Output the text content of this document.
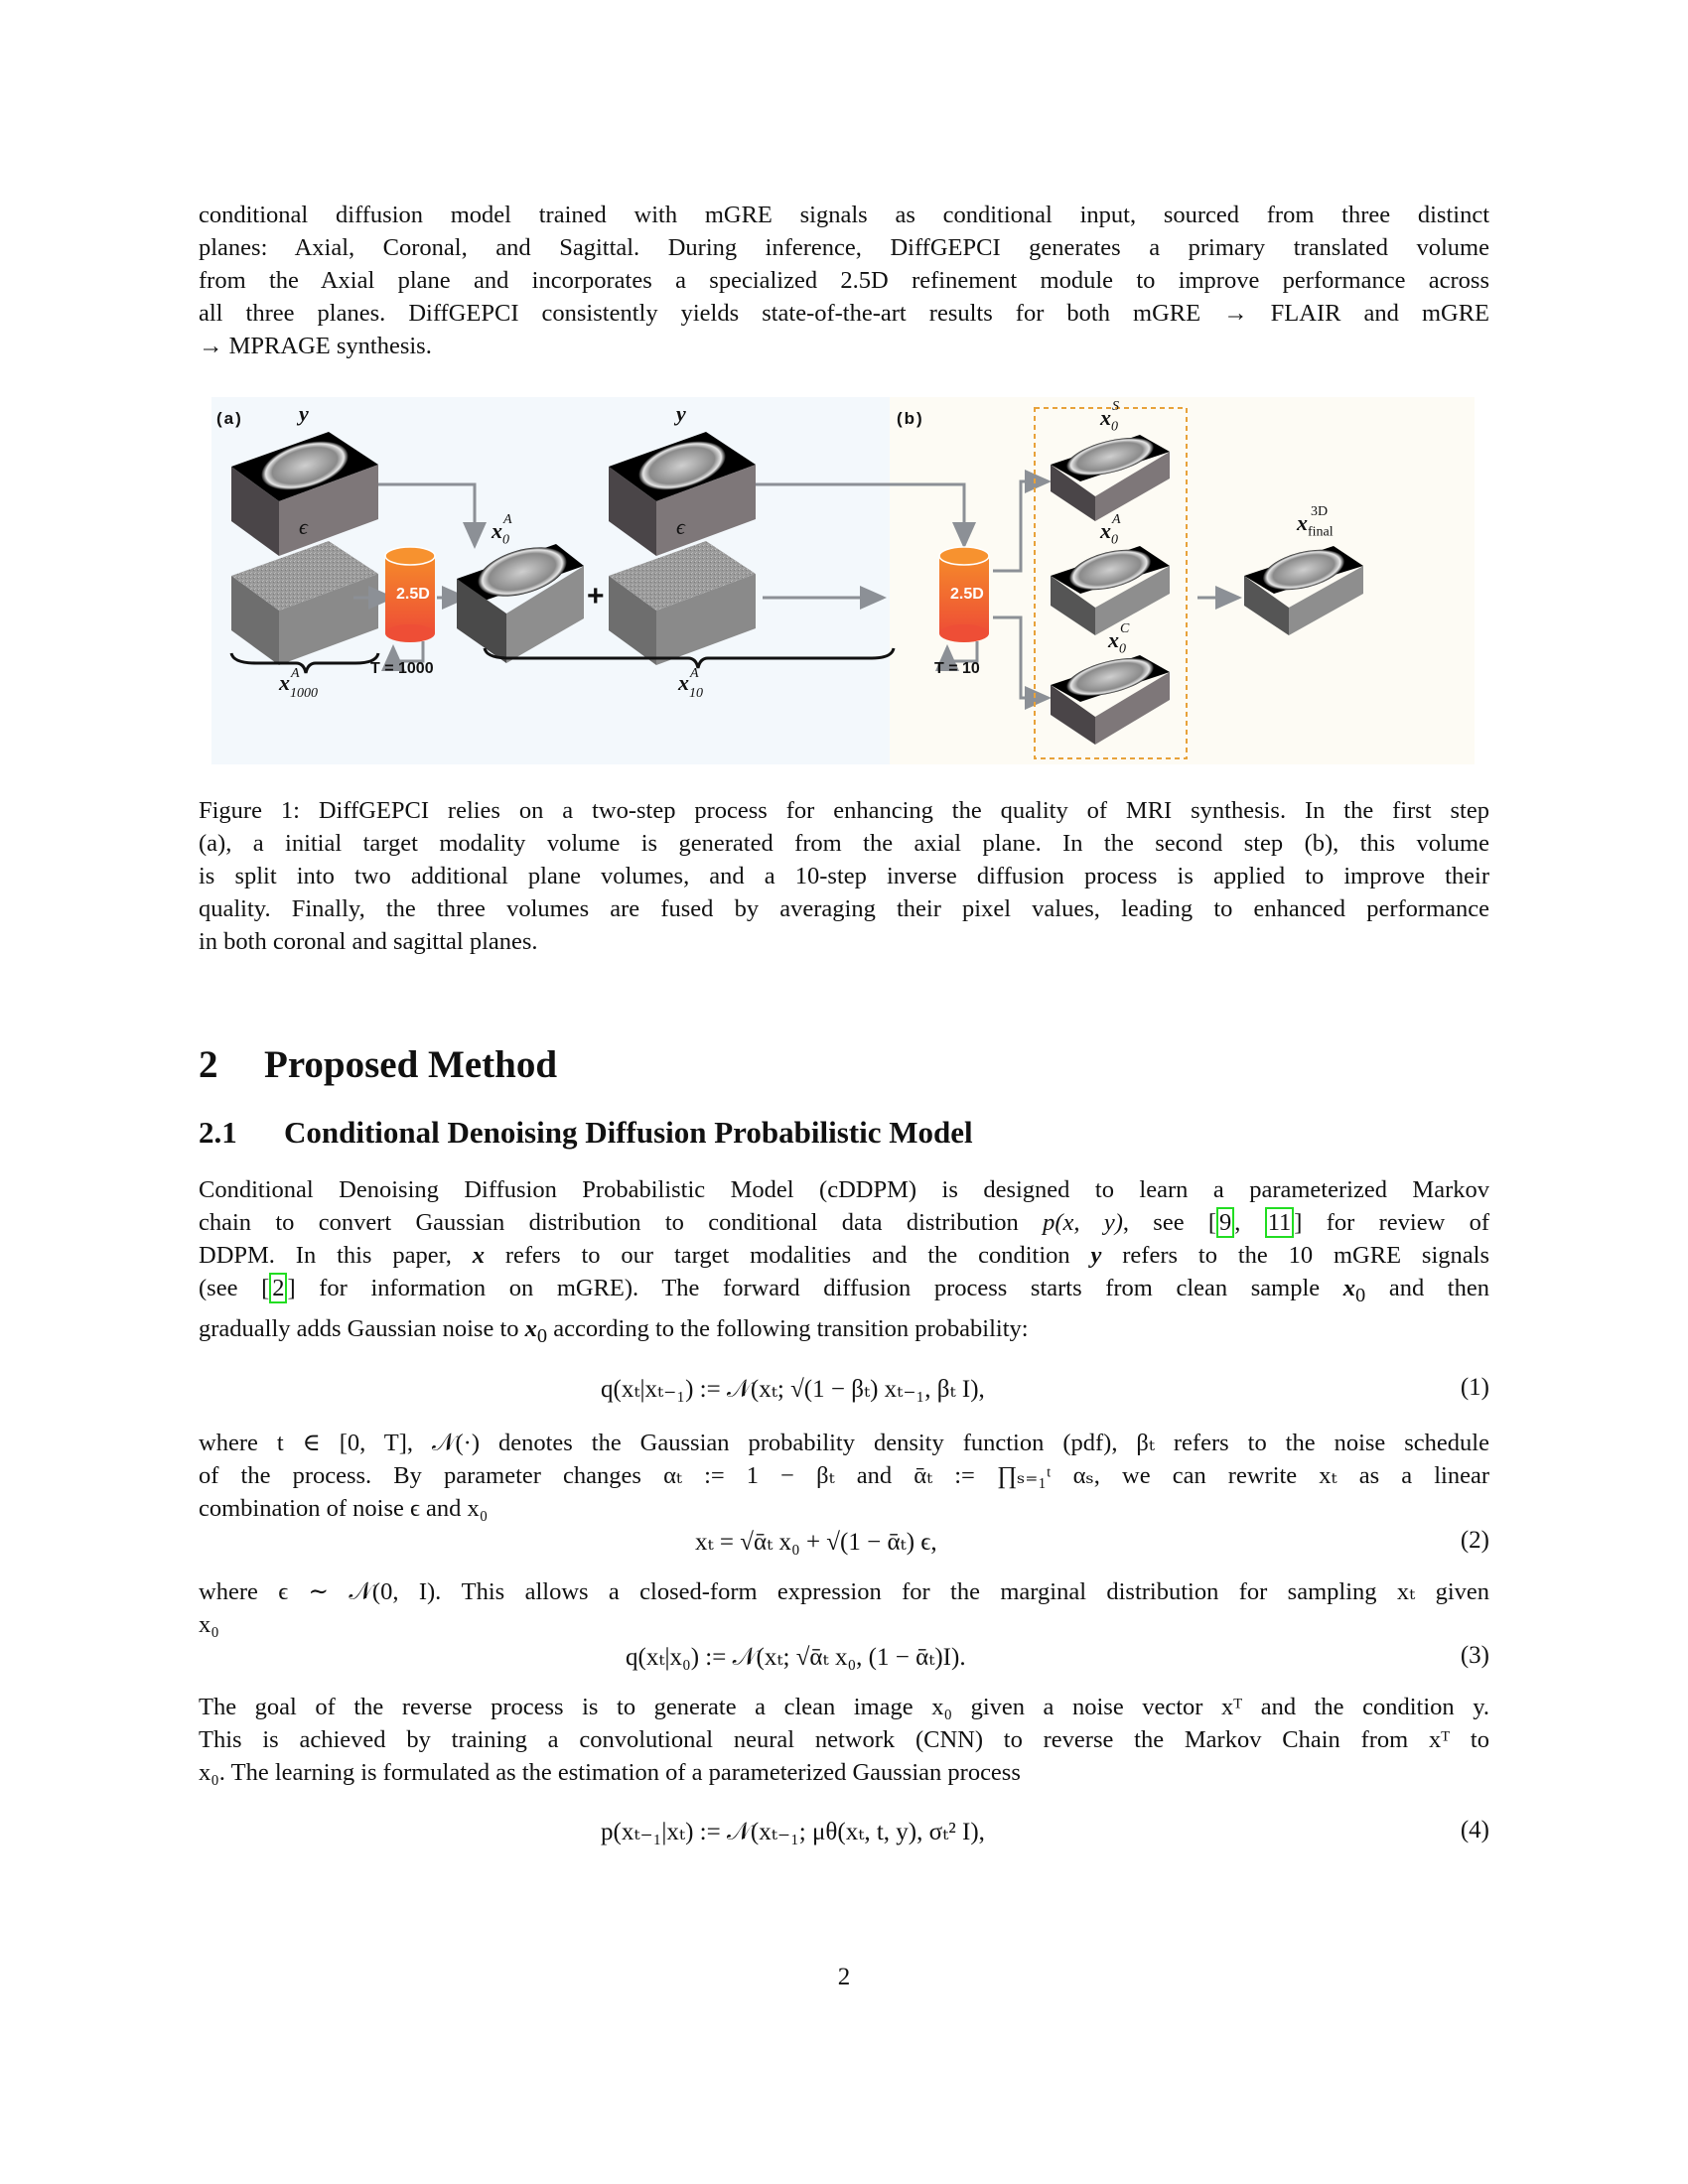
conditional diffusion model trained with mGRE signals as conditional input, sourced from three distinct
planes: Axial, Coronal, and Sagittal. During inference, DiffGEPCI generates a primary translated volume
from the Axial plane and incorporates a specialized 2.5D refinement module to improve performance across
all three planes. DiffGEPCI consistently yields state-of-the-art results for both mGRE → FLAIR and mGRE
→ MPRAGE synthesis.
(a)	y
ϵ
2.5D
T = 1000
$x_{1000}$
A
$x_0$
A
+
y
ϵ
$x_{10}$
A
(b)
2.5D
T = 10
$x_0$
S
$x_0$
A
$x_0$
C
$x_{final}$
3D
Figure 1: DiffGEPCI relies on a two-step process for enhancing the quality of MRI synthesis. In the first step
(a), a initial target modality volume is generated from the axial plane. In the second step (b), this volume
is split into two additional plane volumes, and a 10-step inverse diffusion process is applied to improve their
quality. Finally, the three volumes are fused by averaging their pixel values, leading to enhanced performance
in both coronal and sagittal planes.
2 Proposed Method
2.1 Conditional Denoising Diffusion Probabilistic Model
Conditional Denoising Diffusion Probabilistic Model (cDDPM) is designed to learn a parameterized Markov
chain to convert Gaussian distribution to conditional data distribution p(x, y), see [ 9 , 11 ] for review of
DDPM. In this paper, x refers to our target modalities and the condition y refers to the 10 mGRE signals
(see [ 2 ] for information on mGRE). The forward diffusion process starts from clean sample $x_0$ and then
gradually adds Gaussian noise to $x_0$ according to the following transition probability:
q(xₜ|xₜ₋₁) := 𝒩(xₜ; √(1 − βₜ) xₜ₋₁, βₜ I),	(1)
where t ∈ [0, T], 𝒩(·) denotes the Gaussian probability density function (pdf), βₜ refers to the noise schedule
of the process. By parameter changes αₜ := 1 − βₜ and ᾱₜ := ∏ₛ₌₁ᵗ αₛ, we can rewrite xₜ as a linear
combination of noise ϵ and x₀
xₜ = √ᾱₜ x₀ + √(1 − ᾱₜ) ϵ,	(2)
where ϵ ∼ 𝒩(0, I). This allows a closed-form expression for the marginal distribution for sampling xₜ given
x₀
q(xₜ|x₀) := 𝒩(xₜ; √ᾱₜ x₀, (1 − ᾱₜ)I).	(3)
The goal of the reverse process is to generate a clean image x₀ given a noise vector xᵀ and the condition y.
This is achieved by training a convolutional neural network (CNN) to reverse the Markov Chain from xᵀ to
x₀. The learning is formulated as the estimation of a parameterized Gaussian process
p(xₜ₋₁|xₜ) := 𝒩(xₜ₋₁; μθ(xₜ, t, y), σₜ² I),	(4)
2
